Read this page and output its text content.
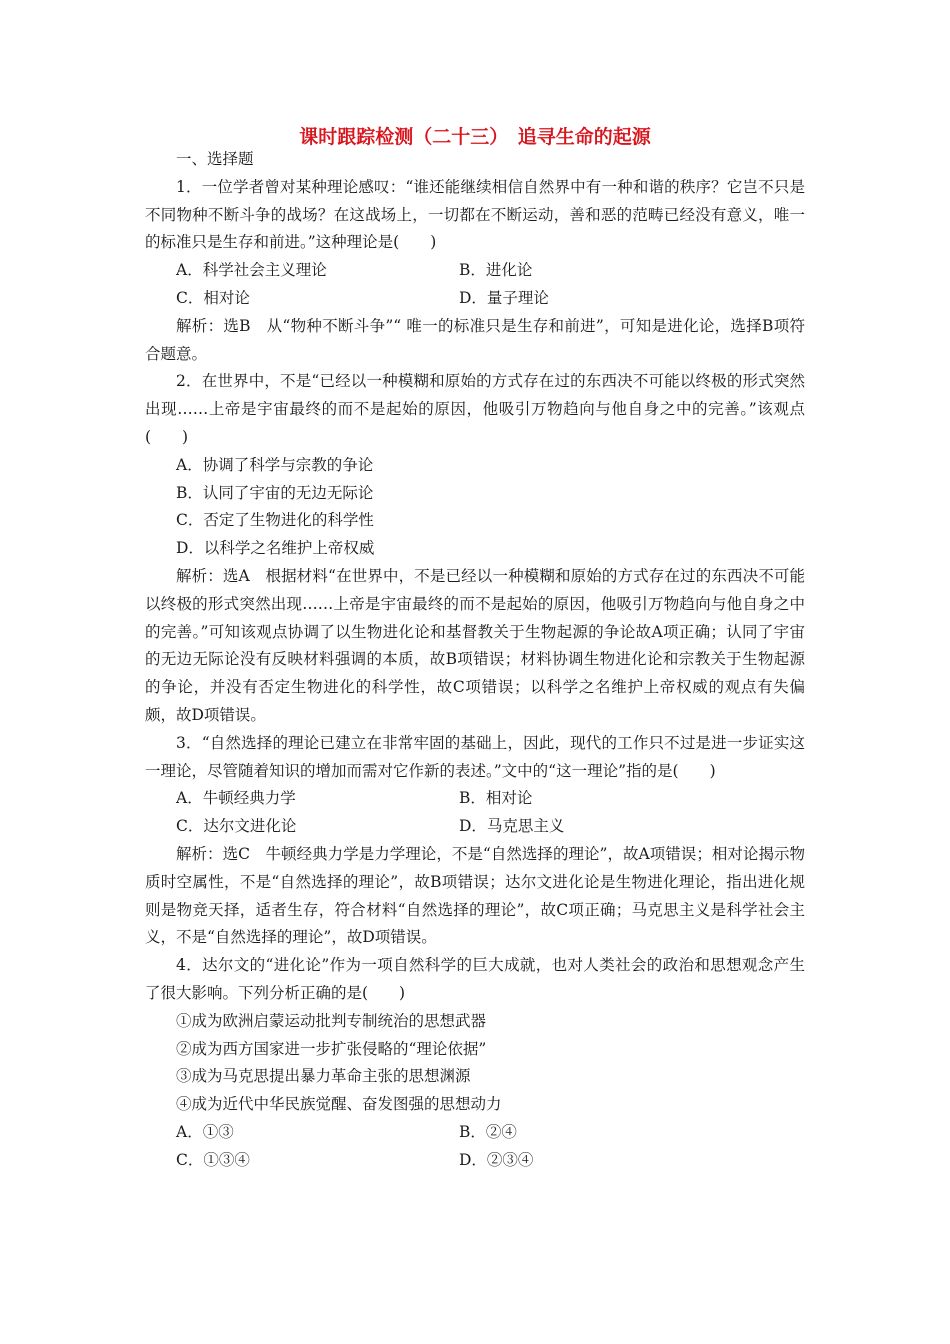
课时跟踪检测（二十三）　追寻生命的起源

一、选择题

1．一位学者曾对某种理论感叹：“谁还能继续相信自然界中有一种和谐的秩序？它岂不只是不同物种不断斗争的战场？在这战场上，一切都在不断运动，善和恶的范畴已经没有意义，唯一的标准只是生存和前进。”这种理论是(　　)

A．科学社会主义理论	B．进化论
C．相对论	D．量子理论

解析：选B　从“物种不断斗争”“ 唯一的标准只是生存和前进”，可知是进化论，选择B项符合题意。

2．在世界中，不是“已经以一种模糊和原始的方式存在过的东西决不可能以终极的形式突然出现……上帝是宇宙最终的而不是起始的原因，他吸引万物趋向与他自身之中的完善。”该观点(　　)

A．协调了科学与宗教的争论

B．认同了宇宙的无边无际论

C．否定了生物进化的科学性

D．以科学之名维护上帝权威

解析：选A　根据材料“在世界中，不是已经以一种模糊和原始的方式存在过的东西决不可能以终极的形式突然出现……上帝是宇宙最终的而不是起始的原因，他吸引万物趋向与他自身之中的完善。”可知该观点协调了以生物进化论和基督教关于生物起源的争论故A项正确；认同了宇宙的无边无际论没有反映材料强调的本质，故B项错误；材料协调生物进化论和宗教关于生物起源的争论，并没有否定生物进化的科学性，故C项错误；以科学之名维护上帝权威的观点有失偏颇，故D项错误。

3．“自然选择的理论已建立在非常牢固的基础上，因此，现代的工作只不过是进一步证实这一理论，尽管随着知识的增加而需对它作新的表述。”文中的“这一理论”指的是(　　)

A．牛顿经典力学	B．相对论
C．达尔文进化论	D．马克思主义

解析：选C　牛顿经典力学是力学理论，不是“自然选择的理论”，故A项错误；相对论揭示物质时空属性，不是“自然选择的理论”，故B项错误；达尔文进化论是生物进化理论，指出进化规则是物竞天择，适者生存，符合材料“自然选择的理论”，故C项正确；马克思主义是科学社会主义，不是“自然选择的理论”，故D项错误。

4．达尔文的“进化论”作为一项自然科学的巨大成就，也对人类社会的政治和思想观念产生了很大影响。下列分析正确的是(　　)

①成为欧洲启蒙运动批判专制统治的思想武器

②成为西方国家进一步扩张侵略的“理论依据”

③成为马克思提出暴力革命主张的思想渊源

④成为近代中华民族觉醒、奋发图强的思想动力

A．①③	B．②④
C．①③④	D．②③④
